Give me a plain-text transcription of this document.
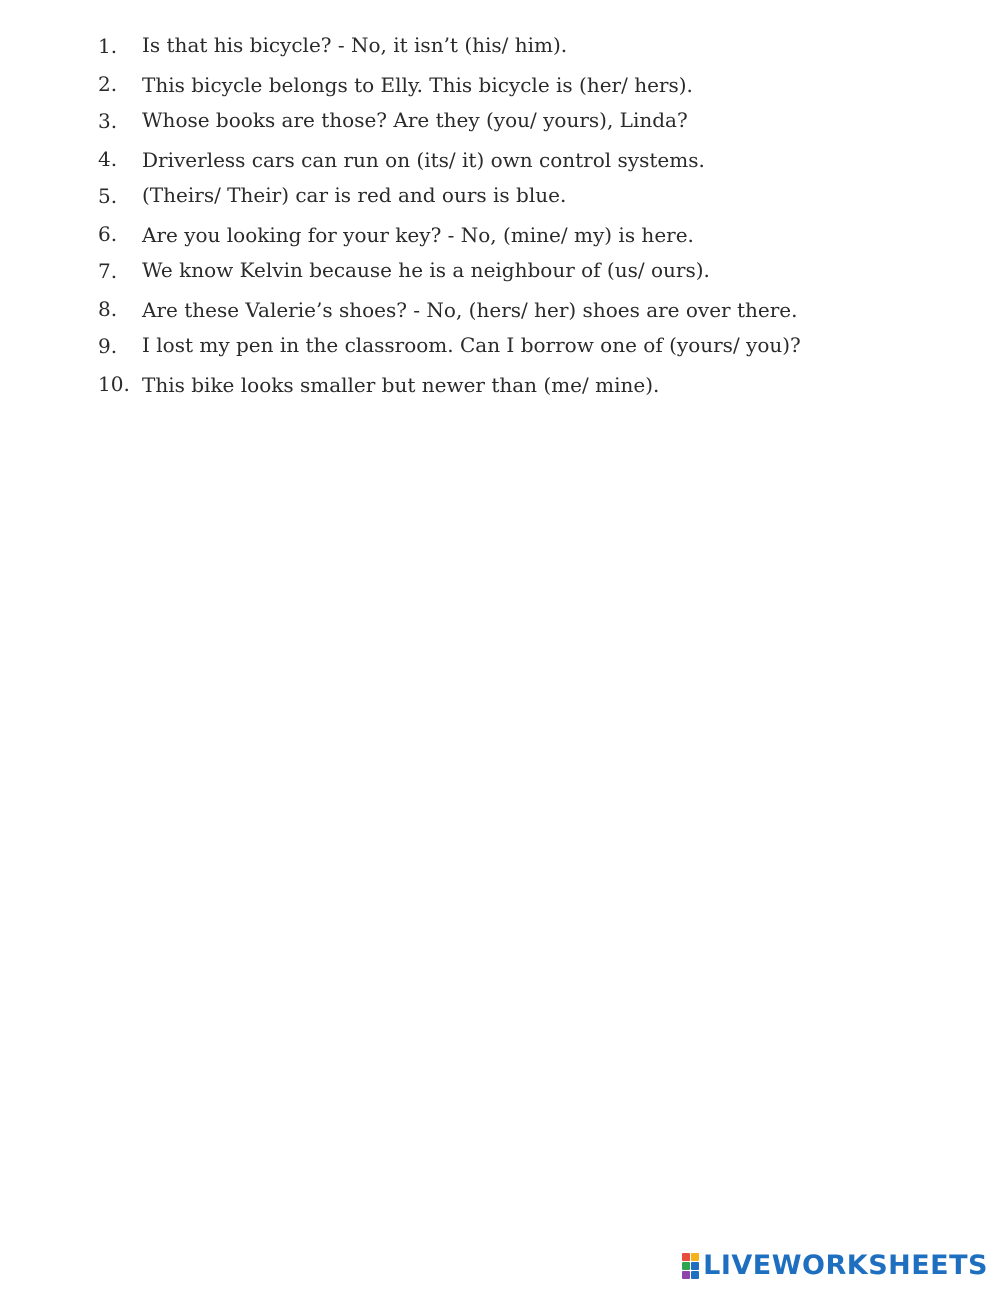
1.	Is that his bicycle? - No, it isn’t (his/ him).
2.	This bicycle belongs to Elly. This bicycle is (her/ hers).
3.	Whose books are those? Are they (you/ yours), Linda?
4.	Driverless cars can run on (its/ it) own control systems.
5.	(Theirs/ Their) car is red and ours is blue.
6.	Are you looking for your key? - No, (mine/ my) is here.
7.	We know Kelvin because he is a neighbour of (us/ ours).
8.	Are these Valerie’s shoes? - No, (hers/ her) shoes are over there.
9.	I lost my pen in the classroom. Can I borrow one of (yours/ you)?
10. This bike looks smaller but newer than (me/ mine).
LIVEWORKSHEETS
